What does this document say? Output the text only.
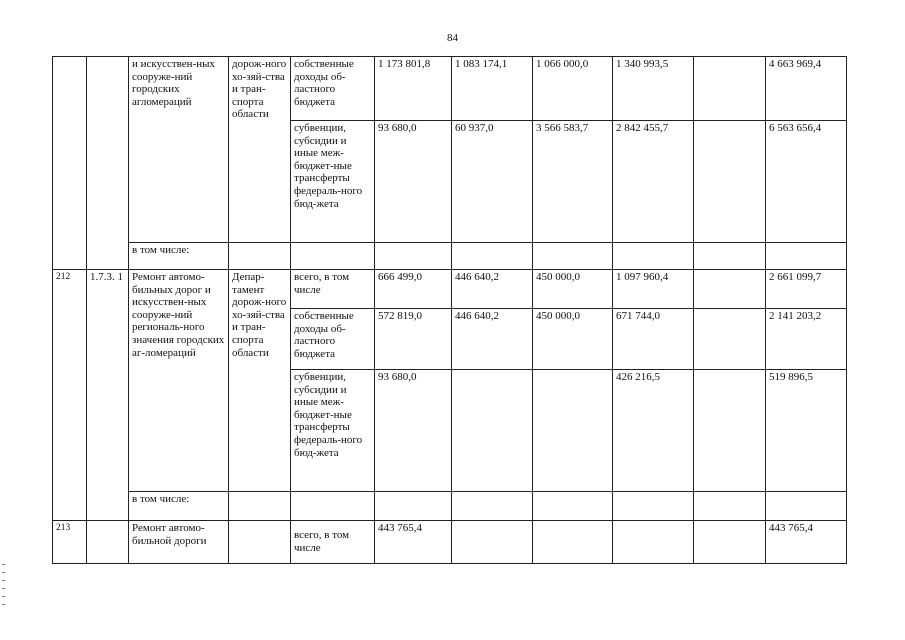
84
		и искусствен-ных сооруже-ний городских агломераций	дорож-ного хо-зяй-ства и тран-спорта области	собственные доходы об-ластного бюджета	1 173 801,8	1 083 174,1	1 066 000,0	1 340 993,5		4 663 969,4
				субвенции, субсидии и иные меж-бюджет-ные трансферты федераль-ного бюд-жета	93 680,0	60 937,0	3 566 583,7	2 842 455,7		6 563 656,4
		в том числе:								
212	1.7.3. 1	Ремонт автомо-бильных дорог и искусствен-ных сооруже-ний региональ-ного значения городских аг-ломераций	Депар-тамент дорож-ного хо-зяй-ства и тран-спорта области	всего, в том числе	666 499,0	446 640,2	450 000,0	1 097 960,4		2 661 099,7
				собственные доходы об-ластного бюджета	572 819,0	446 640,2	450 000,0	671 744,0		2 141 203,2
				субвенции, субсидии и иные меж-бюджет-ные трансферты федераль-ного бюд-жета	93 680,0			426 216,5		519 896,5
		в том числе:								
213		Ремонт автомо-бильной дороги		всего, в том числе	443 765,4					443 765,4
